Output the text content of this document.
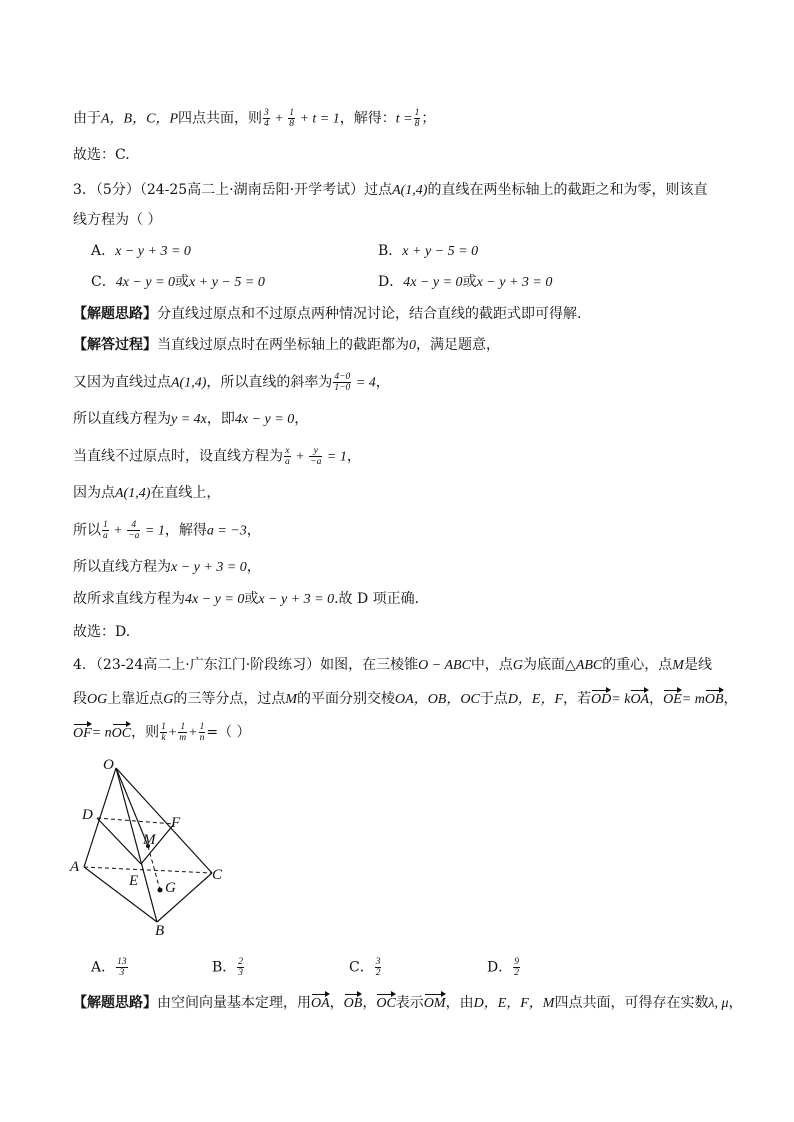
由于A，B，C，P四点共面，则 $\frac{3}{4} + \frac{1}{8} + t = 1$，解得：$t = \frac{1}{8}$ ；
故选：C.
3．（5分）（24-25高二上·湖南岳阳·开学考试）过点A(1,4)的直线在两坐标轴上的截距之和为零，则该直
线方程为（ ）
A．x − y + 3 = 0	B．x + y − 5 = 0
C．4x − y = 0或x + y − 5 = 0	D．4x − y = 0或x − y + 3 = 0
【解题思路】分直线过原点和不过原点两种情况讨论，结合直线的截距式即可得解.
【解答过程】当直线过原点时在两坐标轴上的截距都为0，满足题意，
又因为直线过点A(1,4)，所以直线的斜率为 $\frac{4-0}{1-0} = 4$，
所以直线方程为y = 4x，即4x − y = 0，
当直线不过原点时，设直线方程为 $\frac{x}{a} + \frac{y}{-a} = 1$，
因为点A(1,4)在直线上，
所以 $\frac{1}{a} + \frac{4}{-a} = 1$，解得a = −3，
所以直线方程为x − y + 3 = 0，
故所求直线方程为4x − y = 0或x − y + 3 = 0.故 D 项正确.
故选：D.
4．（23-24高二上·广东江门·阶段练习）如图，在三棱锥O − ABC中，点G为底面△ABC的重心，点M是线
段OG上靠近点G的三等分点，过点M的平面分别交棱OA，OB，OC于点D，E，F，若OD= kOA，OE= mOB，
OF= nOC，则 $\frac{1}{k} + \frac{1}{m} + \frac{1}{n}$ =（ ）
O
D	F
M
A
E	C
G
B
A． $\frac{13}{3}$	B． $\frac{2}{3}$	C． $\frac{3}{2}$	D． $\frac{9}{2}$
【解题思路】由空间向量基本定理，用OA，OB，OC表示OM，由D，E，F，M四点共面，可得存在实数λ, μ，
